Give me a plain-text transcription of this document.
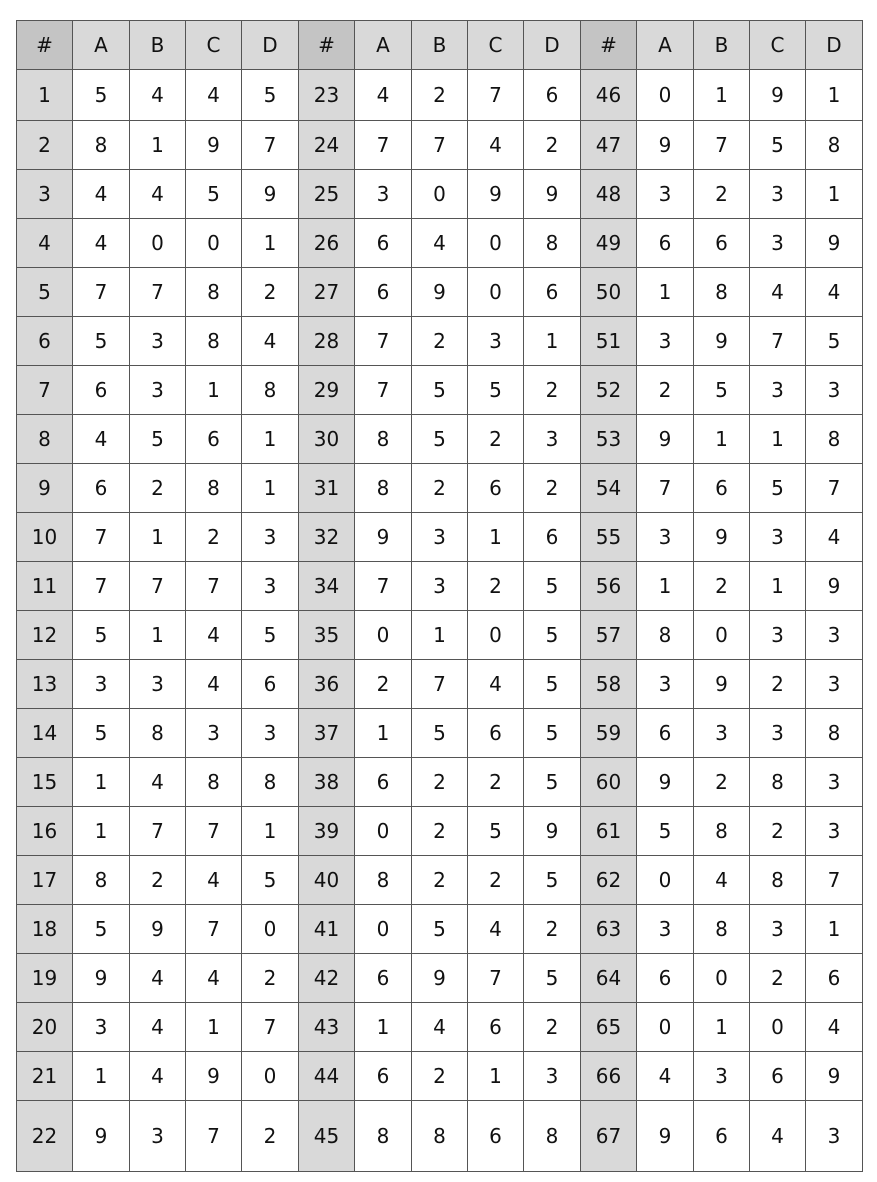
#	A	B	C	D	#	A	B	C	D	#	A	B	C	D
1	5	4	4	5	23	4	2	7	6	46	0	1	9	1
2	8	1	9	7	24	7	7	4	2	47	9	7	5	8
3	4	4	5	9	25	3	0	9	9	48	3	2	3	1
4	4	0	0	1	26	6	4	0	8	49	6	6	3	9
5	7	7	8	2	27	6	9	0	6	50	1	8	4	4
6	5	3	8	4	28	7	2	3	1	51	3	9	7	5
7	6	3	1	8	29	7	5	5	2	52	2	5	3	3
8	4	5	6	1	30	8	5	2	3	53	9	1	1	8
9	6	2	8	1	31	8	2	6	2	54	7	6	5	7
10	7	1	2	3	32	9	3	1	6	55	3	9	3	4
11	7	7	7	3	34	7	3	2	5	56	1	2	1	9
12	5	1	4	5	35	0	1	0	5	57	8	0	3	3
13	3	3	4	6	36	2	7	4	5	58	3	9	2	3
14	5	8	3	3	37	1	5	6	5	59	6	3	3	8
15	1	4	8	8	38	6	2	2	5	60	9	2	8	3
16	1	7	7	1	39	0	2	5	9	61	5	8	2	3
17	8	2	4	5	40	8	2	2	5	62	0	4	8	7
18	5	9	7	0	41	0	5	4	2	63	3	8	3	1
19	9	4	4	2	42	6	9	7	5	64	6	0	2	6
20	3	4	1	7	43	1	4	6	2	65	0	1	0	4
21	1	4	9	0	44	6	2	1	3	66	4	3	6	9
22	9	3	7	2	45	8	8	6	8	67	9	6	4	3
